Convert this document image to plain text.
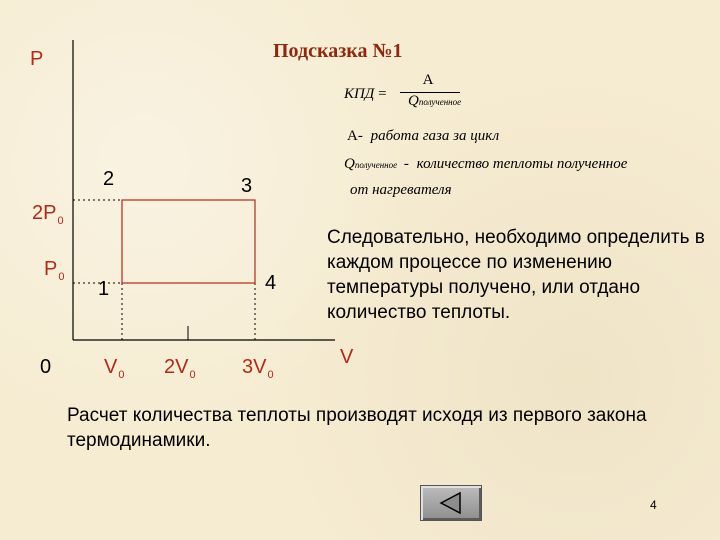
Подсказка №1
P
V
0
$2P_0$
$P_0$
$V_0$ $2V_0$ $3V_0$
1
2	3
4
КПД =
A
Qполученное
A- работа газа за цикл
Qполученное - количество теплоты полученное
от нагревателя
Следовательно, необходимо определить в каждом процессе по изменению температуры получено, или отдано количество теплоты.
Расчет количества теплоты производят исходя из первого закона термодинамики.
4
